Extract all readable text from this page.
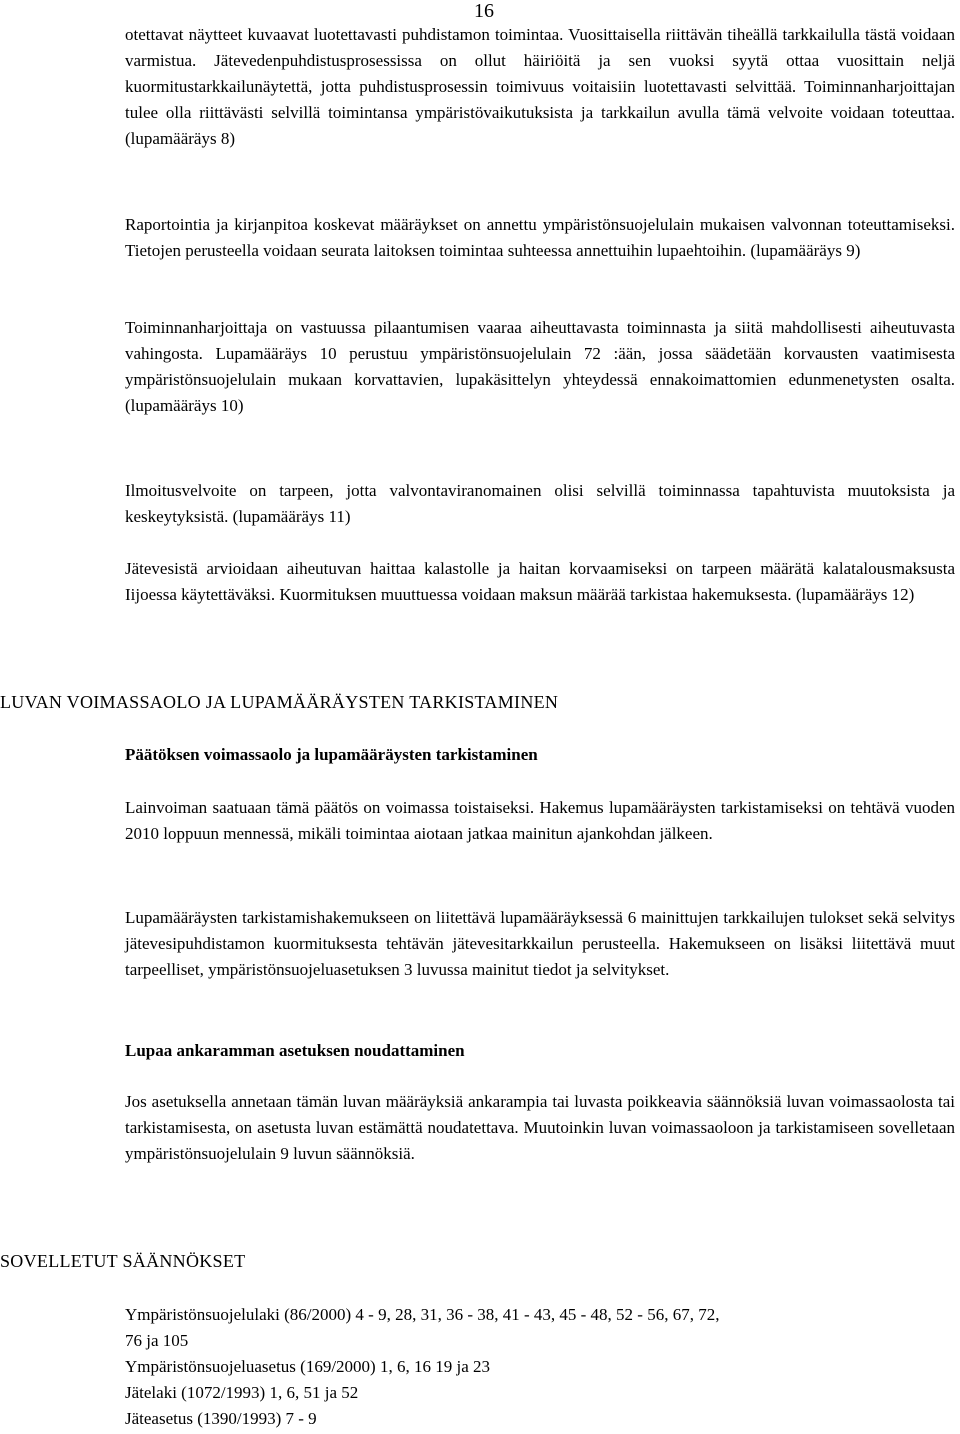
16

otettavat näytteet kuvaavat luotettavasti puhdistamon toimintaa. Vuosittaisella riittävän tiheällä tarkkailulla tästä voidaan varmistua. Jätevedenpuhdistusprosessissa on ollut häiriöitä ja sen vuoksi syytä ottaa vuosittain neljä kuormitustarkkailunäytettä, jotta puhdistusprosessin toimivuus voitaisiin luotettavasti selvittää. Toiminnanharjoittajan tulee olla riittävästi selvillä toimintansa ympäristövaikutuksista ja tarkkailun avulla tämä velvoite voidaan toteuttaa. (lupamääräys 8)

Raportointia ja kirjanpitoa koskevat määräykset on annettu ympäristönsuojelulain mukaisen valvonnan toteuttamiseksi. Tietojen perusteella voidaan seurata laitoksen toimintaa suhteessa annettuihin lupaehtoihin. (lupamääräys 9)

Toiminnanharjoittaja on vastuussa pilaantumisen vaaraa aiheuttavasta toiminnasta ja siitä mahdollisesti aiheutuvasta vahingosta. Lupamääräys 10 perustuu ympäristönsuojelulain 72 :ään, jossa säädetään korvausten vaatimisesta ympäristönsuojelulain mukaan korvattavien, lupakäsittelyn yhteydessä ennakoimattomien edunmenetysten osalta. (lupamääräys 10)

Ilmoitusvelvoite on tarpeen, jotta valvontaviranomainen olisi selvillä toiminnassa tapahtuvista muutoksista ja keskeytyksistä. (lupamääräys 11)

Jätevesistä arvioidaan aiheutuvan haittaa kalastolle ja haitan korvaamiseksi on tarpeen määrätä kalatalousmaksusta Iijoessa käytettäväksi. Kuormituksen muuttuessa voidaan maksun määrää tarkistaa hakemuksesta. (lupamääräys 12)

LUVAN VOIMASSAOLO JA LUPAMÄÄRÄYSTEN TARKISTAMINEN
Päätöksen voimassaolo ja lupamääräysten tarkistaminen

Lainvoiman saatuaan tämä päätös on voimassa toistaiseksi. Hakemus lupamääräysten tarkistamiseksi on tehtävä vuoden 2010 loppuun mennessä, mikäli toimintaa aiotaan jatkaa mainitun ajankohdan jälkeen.

Lupamääräysten tarkistamishakemukseen on liitettävä lupamääräyksessä 6 mainittujen tarkkailujen tulokset sekä selvitys jätevesipuhdistamon kuormituksesta tehtävän jätevesitarkkailun perusteella. Hakemukseen on lisäksi liitettävä muut tarpeelliset, ympäristönsuojeluasetuksen 3 luvussa mainitut tiedot ja selvitykset.

Lupaa ankaramman asetuksen noudattaminen

Jos asetuksella annetaan tämän luvan määräyksiä ankarampia tai luvasta poikkeavia säännöksiä luvan voimassaolosta tai tarkistamisesta, on asetusta luvan estämättä noudatettava. Muutoinkin luvan voimassaoloon ja tarkistamiseen sovelletaan ympäristönsuojelulain 9 luvun säännöksiä.

SOVELLETUT SÄÄNNÖKSET
Ympäristönsuojelulaki (86/2000) 4 - 9, 28, 31, 36 - 38, 41 - 43, 45 - 48, 52 - 56, 67, 72,
76 ja 105
Ympäristönsuojeluasetus (169/2000) 1, 6, 16 19 ja 23
Jätelaki (1072/1993) 1, 6, 51 ja 52
Jäteasetus (1390/1993) 7 - 9
